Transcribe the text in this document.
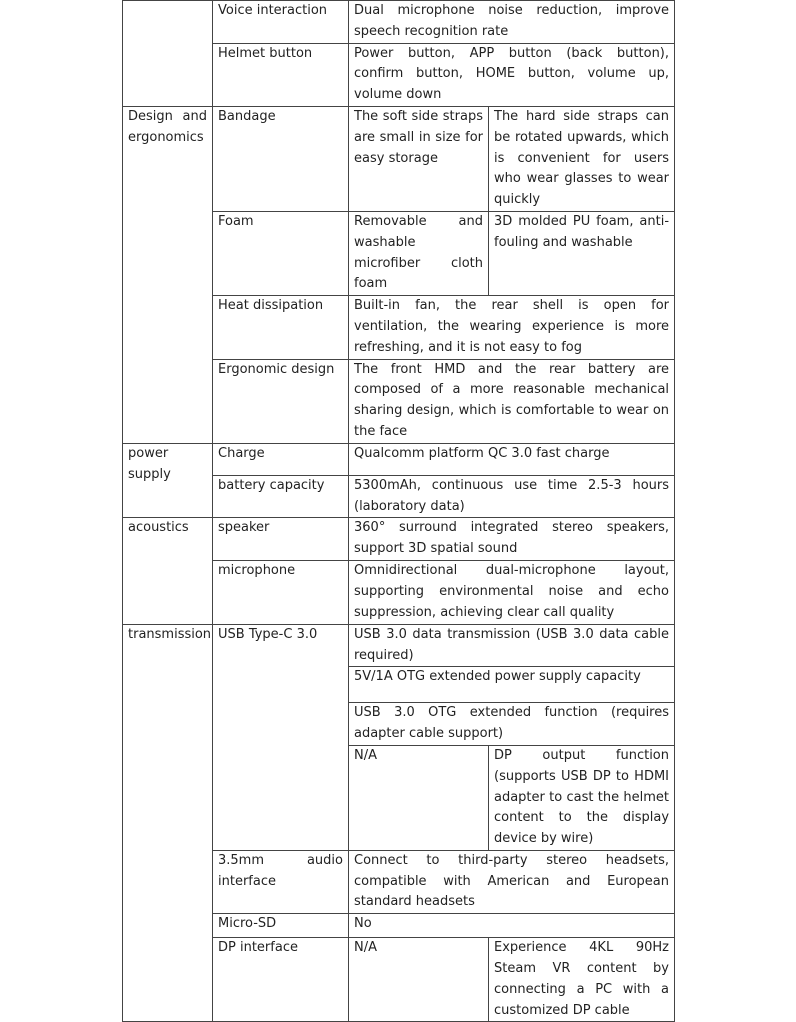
	Voice interaction	Dual microphone noise reduction, improve speech recognition rate	
	Helmet button	Power button, APP button (back button), confirm button, HOME button, volume up, volume down	
Design and ergonomics	Bandage	The soft side straps are small in size for easy storage	The hard side straps can be rotated upwards, which is convenient for users who wear glasses to wear quickly
	Foam	Removable and washable microfiber cloth foam	3D molded PU foam, anti-fouling and washable
	Heat dissipation	Built-in fan, the rear shell is open for ventilation, the wearing experience is more refreshing, and it is not easy to fog	
	Ergonomic design	The front HMD and the rear battery are composed of a more reasonable mechanical sharing design, which is comfortable to wear on the face	
power supply	Charge	Qualcomm platform QC 3.0 fast charge	
	battery capacity	5300mAh, continuous use time 2.5-3 hours (laboratory data)	
acoustics	speaker	360° surround integrated stereo speakers, support 3D spatial sound	
	microphone	Omnidirectional dual-microphone layout, supporting environmental noise and echo suppression, achieving clear call quality	
transmission	USB Type-C 3.0	USB 3.0 data transmission (USB 3.0 data cable required)	
		5V/1A OTG extended power supply capacity	
		USB 3.0 OTG extended function (requires adapter cable support)	
		N/A	DP output function (supports USB DP to HDMI adapter to cast the helmet content to the display device by wire)
	3.5mm audio interface	Connect to third-party stereo headsets, compatible with American and European standard headsets	
	Micro-SD	No	
	DP interface	N/A	Experience 4KL 90Hz Steam VR content by connecting a PC with a customized DP cable
